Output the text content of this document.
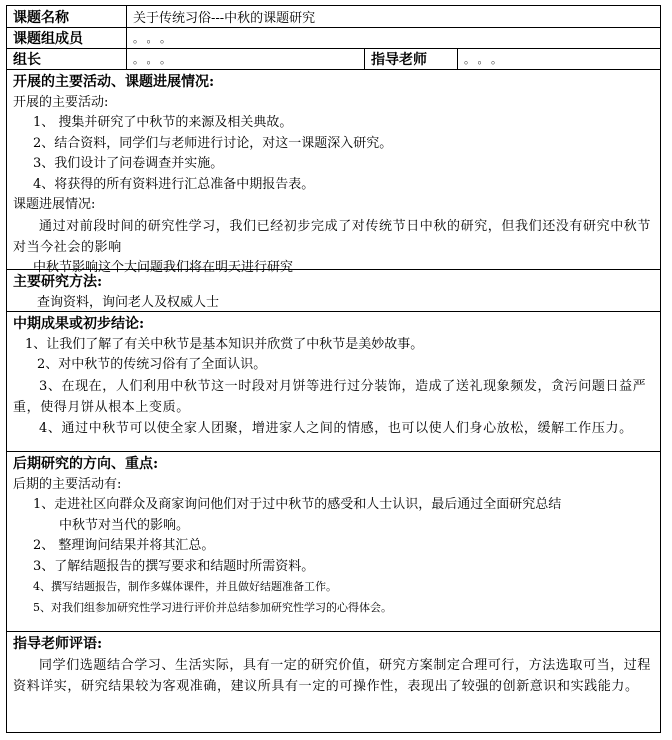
课题名称	关于传统习俗---中秋的课题研究
课题组成员	。。。
组长	。。。	指导老师	。。。
开展的主要活动、课题进展情况:
开展的主要活动:
1、 搜集并研究了中秋节的来源及相关典故。
2、结合资料，同学们与老师进行讨论，对这一课题深入研究。
3、我们设计了问卷调查并实施。
4、将获得的所有资料进行汇总准备中期报告表。
课题进展情况:
通过对前段时间的研究性学习，我们已经初步完成了对传统节日中秋的研究，但我们还没有研究中秋节对当今社会的影响
中秋节影响这个大问题我们将在明天进行研究
主要研究方法:
查询资料，询问老人及权威人士
中期成果或初步结论:
1、让我们了解了有关中秋节是基本知识并欣赏了中秋节是美妙故事。
2、对中秋节的传统习俗有了全面认识。
3、在现在，人们利用中秋节这一时段对月饼等进行过分装饰，造成了送礼现象频发，贪污问题日益严重，使得月饼从根本上变质。
4、通过中秋节可以使全家人团聚，增进家人之间的情感，也可以使人们身心放松，缓解工作压力。
后期研究的方向、重点:
后期的主要活动有:
1、走进社区向群众及商家询问他们对于过中秋节的感受和人士认识，最后通过全面研究总结
中秋节对当代的影响。
2、 整理询问结果并将其汇总。
3、了解结题报告的撰写要求和结题时所需资料。
4、撰写结题报告，制作多媒体课件，并且做好结题准备工作。
5、对我们组参加研究性学习进行评价并总结参加研究性学习的心得体会。
指导老师评语:
同学们选题结合学习、生活实际，具有一定的研究价值，研究方案制定合理可行，方法选取可当，过程资料详实，研究结果较为客观准确，建议所具有一定的可操作性，表现出了较强的创新意识和实践能力。
